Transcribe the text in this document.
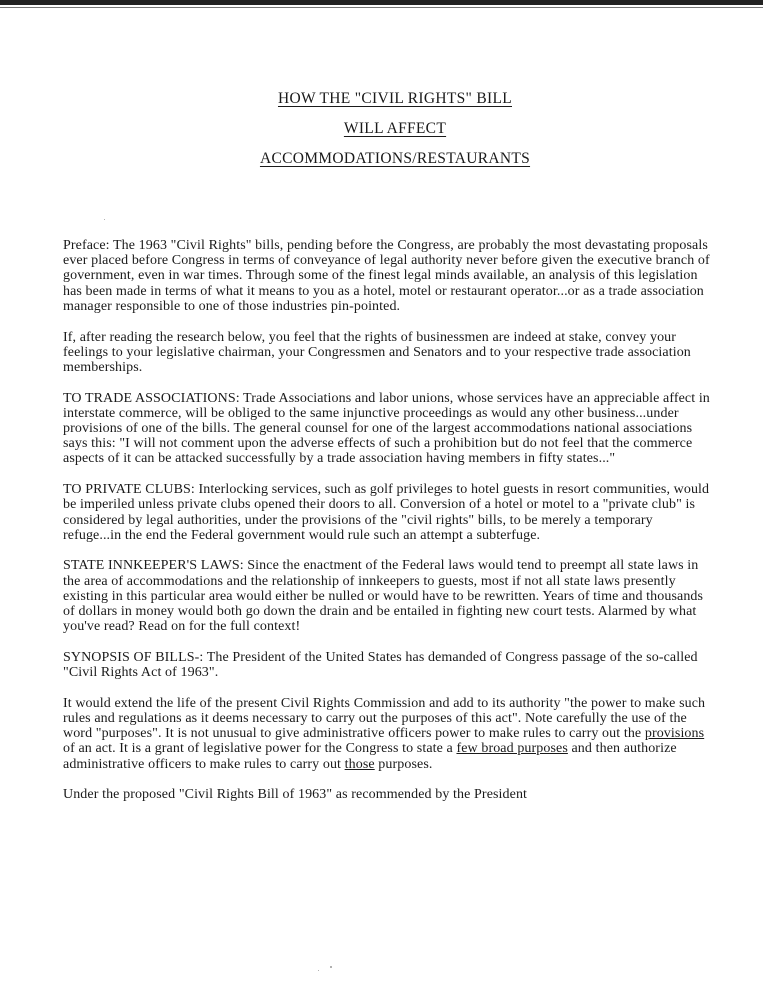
HOW THE "CIVIL RIGHTS" BILL
WILL AFFECT
ACCOMMODATIONS/RESTAURANTS

Preface: The 1963 "Civil Rights" bills, pending before the Congress, are probably the most devastating proposals ever placed before Congress in terms of conveyance of legal authority never before given the executive branch of government, even in war times. Through some of the finest legal minds available, an analysis of this legislation has been made in terms of what it means to you as a hotel, motel or restaurant operator...or as a trade association manager responsible to one of those industries pin-pointed.

If, after reading the research below, you feel that the rights of businessmen are indeed at stake, convey your feelings to your legislative chairman, your Congressmen and Senators and to your respective trade association memberships.

TO TRADE ASSOCIATIONS: Trade Associations and labor unions, whose services have an appreciable affect in interstate commerce, will be obliged to the same injunctive proceedings as would any other business...under provisions of one of the bills. The general counsel for one of the largest accommodations national associations says this: "I will not comment upon the adverse effects of such a prohibition but do not feel that the commerce aspects of it can be attacked successfully by a trade association having members in fifty states..."

TO PRIVATE CLUBS: Interlocking services, such as golf privileges to hotel guests in resort communities, would be imperiled unless private clubs opened their doors to all. Conversion of a hotel or motel to a "private club" is considered by legal authorities, under the provisions of the "civil rights" bills, to be merely a temporary refuge...in the end the Federal government would rule such an attempt a subterfuge.

STATE INNKEEPER'S LAWS: Since the enactment of the Federal laws would tend to preempt all state laws in the area of accommodations and the relationship of innkeepers to guests, most if not all state laws presently existing in this particular area would either be nulled or would have to be rewritten. Years of time and thousands of dollars in money would both go down the drain and be entailed in fighting new court tests. Alarmed by what you've read? Read on for the full context!

SYNOPSIS OF BILLS-: The President of the United States has demanded of Congress passage of the so-called "Civil Rights Act of 1963".

It would extend the life of the present Civil Rights Commission and add to its authority "the power to make such rules and regulations as it deems necessary to carry out the purposes of this act". Note carefully the use of the word "purposes". It is not unusual to give administrative officers power to make rules to carry out the provisions of an act. It is a grant of legislative power for the Congress to state a few broad purposes and then authorize administrative officers to make rules to carry out those purposes.

Under the proposed "Civil Rights Bill of 1963" as recommended by the President
